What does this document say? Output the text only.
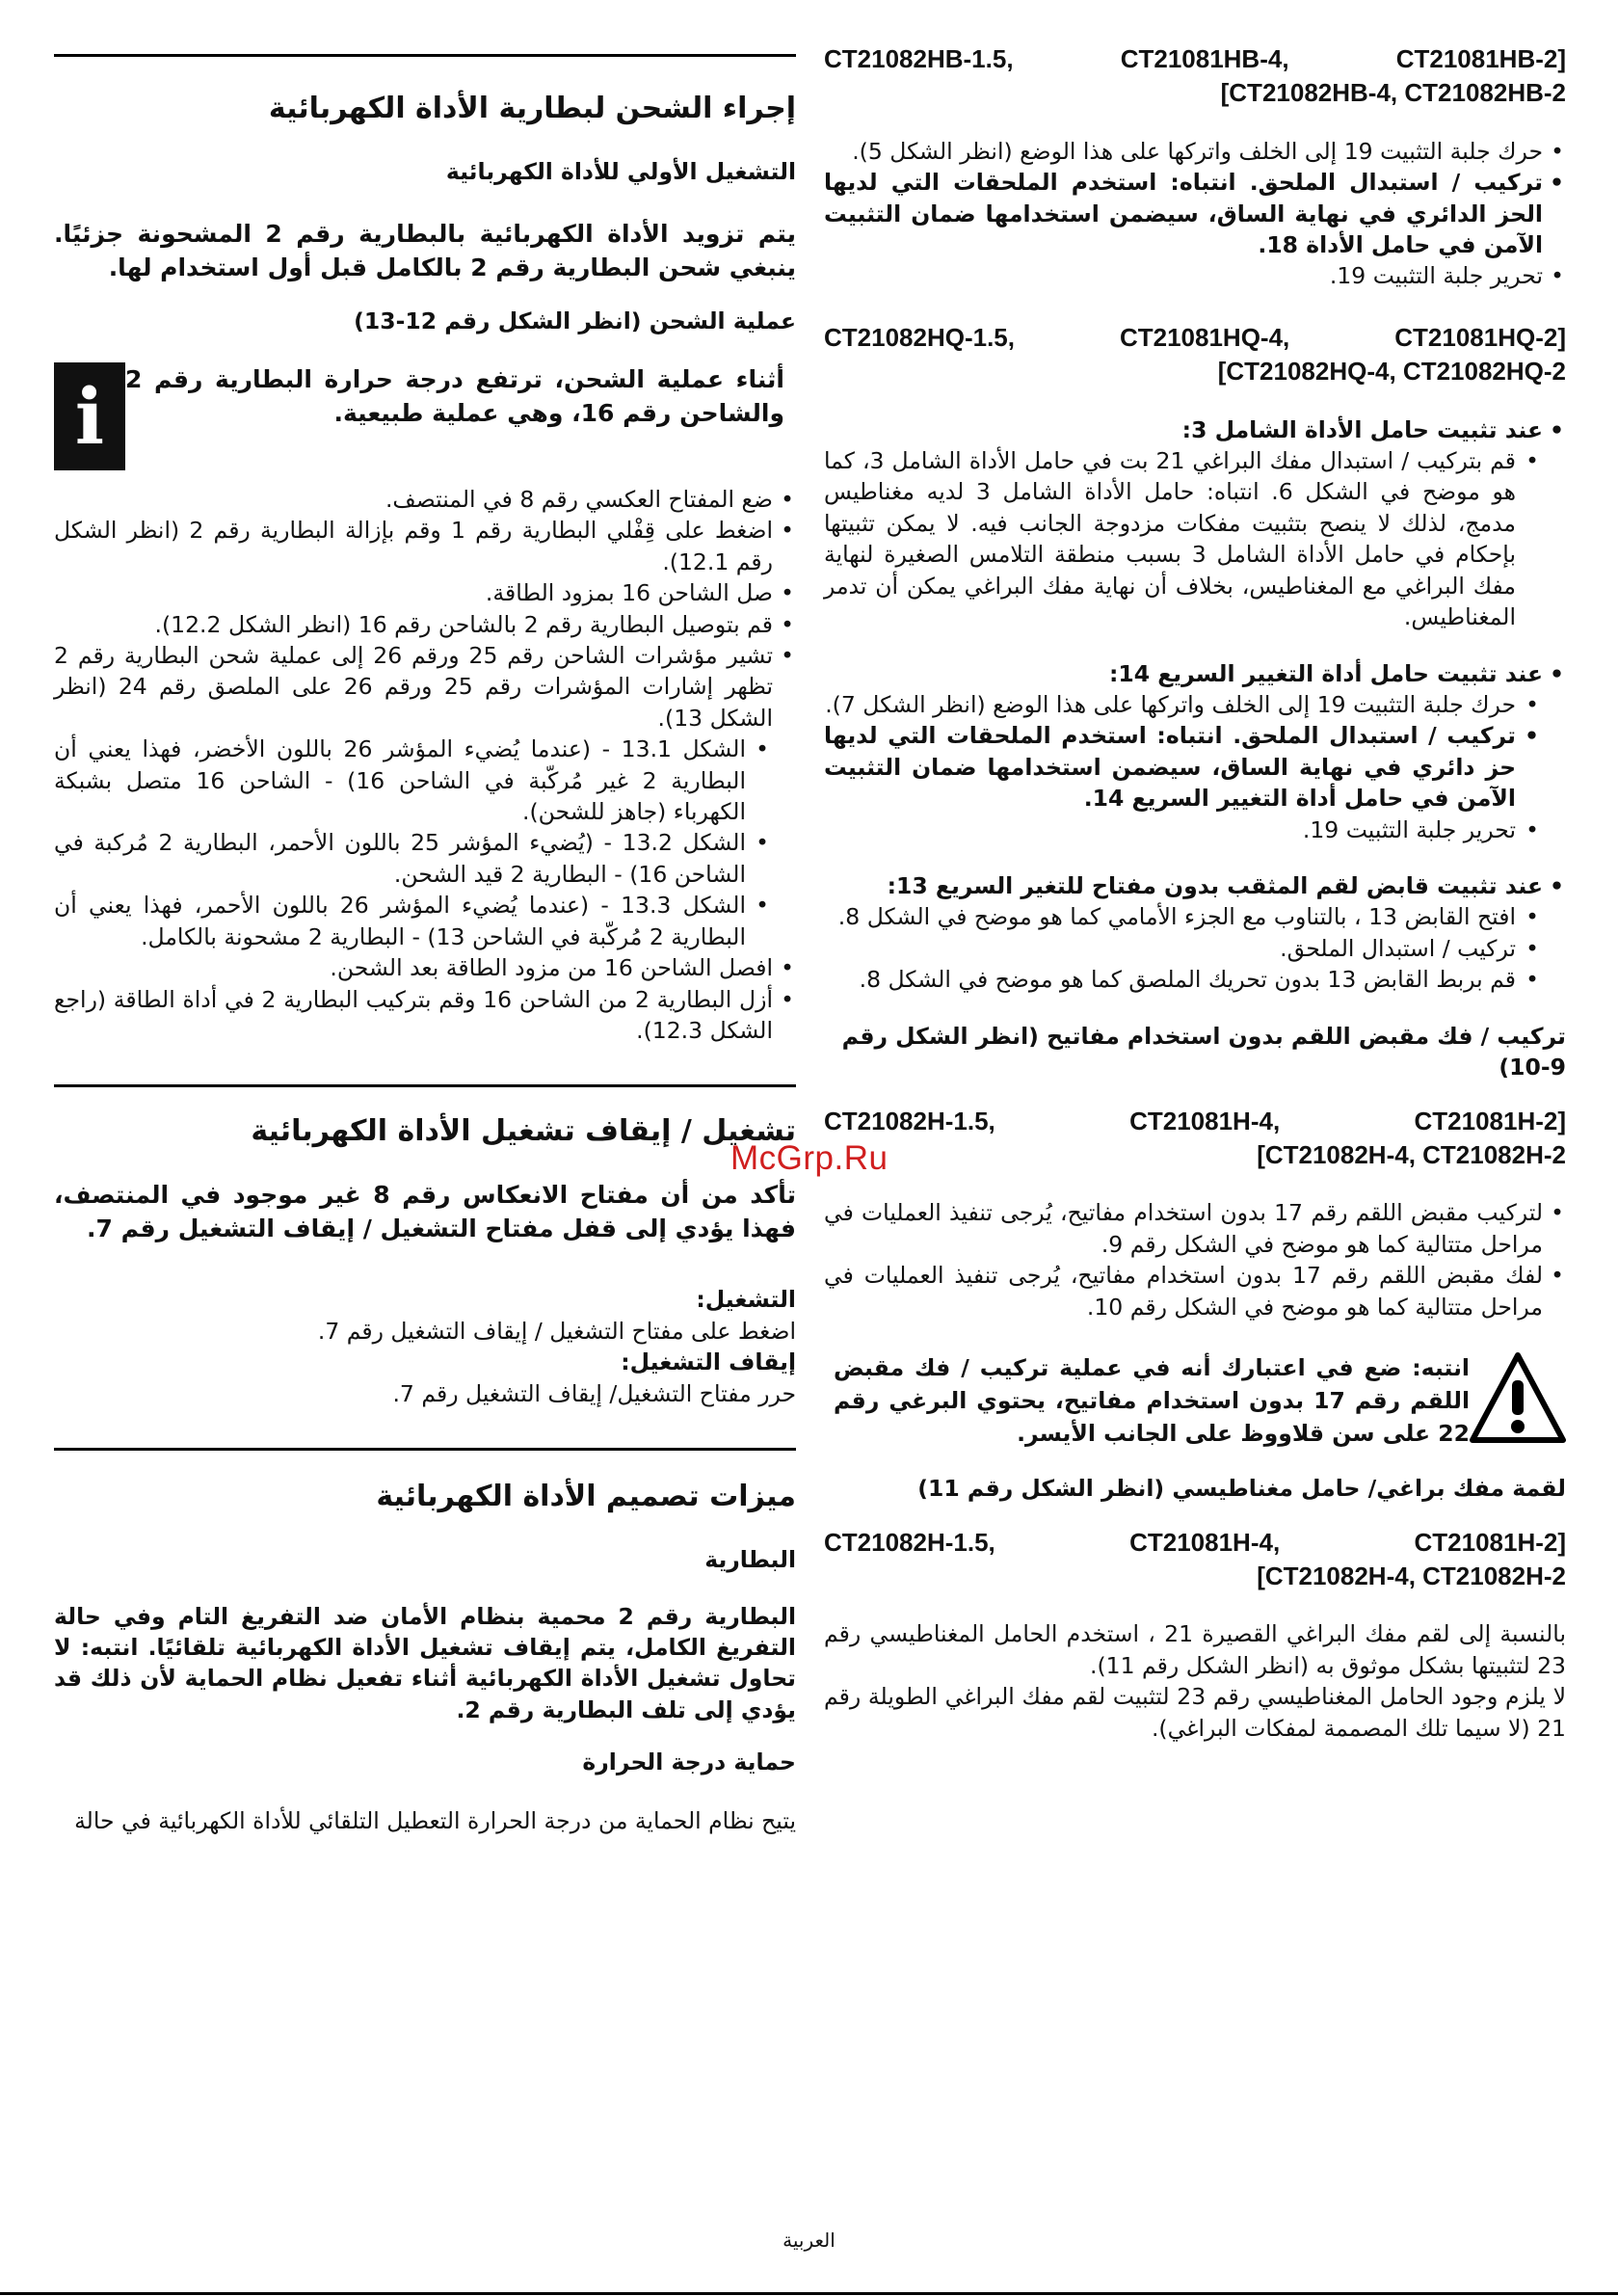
McGrp.Ru
CT21082HB-1.5, CT21081HB-4, CT21081HB-2]
[CT21082HB-4, CT21082HB-2

• حرك جلبة التثبيت 19 إلى الخلف واتركها على هذا الوضع (انظر الشكل 5).

• تركيب / استبدال الملحق. انتباه: استخدم الملحقات التي لديها الحز الدائري في نهاية الساق، سيضمن استخدامها ضمان التثبيت الآمن في حامل الأداة 18.

• تحرير جلبة التثبيت 19.

CT21082HQ-1.5, CT21081HQ-4, CT21081HQ-2]
[CT21082HQ-4, CT21082HQ-2

• عند تثبيت حامل الأداة الشامل 3:

• قم بتركيب / استبدال مفك البراغي 21 بت في حامل الأداة الشامل 3، كما هو موضح في الشكل 6. انتباه: حامل الأداة الشامل 3 لديه مغناطيس مدمج، لذلك لا ينصح بتثبيت مفكات مزدوجة الجانب فيه. لا يمكن تثبيتها بإحكام في حامل الأداة الشامل 3 بسبب منطقة التلامس الصغيرة لنهاية مفك البراغي مع المغناطيس، بخلاف أن نهاية مفك البراغي يمكن أن تدمر المغناطيس.

• عند تثبيت حامل أداة التغيير السريع 14:

• حرك جلبة التثبيت 19 إلى الخلف واتركها على هذا الوضع (انظر الشكل 7).

• تركيب / استبدال الملحق. انتباه: استخدم الملحقات التي لديها حز دائري في نهاية الساق، سيضمن استخدامها ضمان التثبيت الآمن في حامل أداة التغيير السريع 14.

• تحرير جلبة التثبيت 19.

• عند تثبيت قابض لقم المثقب بدون مفتاح للتغير السريع 13:

• افتح القابض 13 ، بالتناوب مع الجزء الأمامي كما هو موضح في الشكل 8.

• تركيب / استبدال الملحق.

• قم بربط القابض 13 بدون تحريك الملصق كما هو موضح في الشكل 8.

تركيب / فك مقبض اللقم بدون استخدام مفاتيح (انظر الشكل رقم 9-10)

CT21082H-1.5, CT21081H-4, CT21081H-2]
[CT21082H-4, CT21082H-2

• لتركيب مقبض اللقم رقم 17 بدون استخدام مفاتيح، يُرجى تنفيذ العمليات في مراحل متتالية كما هو موضح في الشكل رقم 9.

• لفك مقبض اللقم رقم 17 بدون استخدام مفاتيح، يُرجى تنفيذ العمليات في مراحل متتالية كما هو موضح في الشكل رقم 10.

انتبه: ضع في اعتبارك أنه في عملية تركيب / فك مقبض اللقم رقم 17 بدون استخدام مفاتيح، يحتوي البرغي رقم 22 على سن قلاووظ على الجانب الأيسر.

لقمة مفك براغي/ حامل مغناطيسي (انظر الشكل رقم 11)

CT21082H-1.5, CT21081H-4, CT21081H-2]
[CT21082H-4, CT21082H-2

بالنسبة إلى لقم مفك البراغي القصيرة 21 ، استخدم الحامل المغناطيسي رقم 23 لتثبيتها بشكل موثوق به (انظر الشكل رقم 11).

لا يلزم وجود الحامل المغناطيسي رقم 23 لتثبيت لقم مفك البراغي الطويلة رقم 21 (لا سيما تلك المصممة لمفكات البراغي).

إجراء الشحن لبطارية الأداة الكهربائية

التشغيل الأولي للأداة الكهربائية

يتم تزويد الأداة الكهربائية بالبطارية رقم 2 المشحونة جزئيًا. ينبغي شحن البطارية رقم 2 بالكامل قبل أول استخدام لها.

عملية الشحن (انظر الشكل رقم 12-13)

أثناء عملية الشحن، ترتفع درجة حرارة البطارية رقم 2 والشاحن رقم 16، وهي عملية طبيعية.

i

• ضع المفتاح العكسي رقم 8 في المنتصف.

• اضغط على قِفْلي البطارية رقم 1 وقم بإزالة البطارية رقم 2 (انظر الشكل رقم 12.1).

• صل الشاحن 16 بمزود الطاقة.

• قم بتوصيل البطارية رقم 2 بالشاحن رقم 16 (انظر الشكل 12.2).

• تشير مؤشرات الشاحن رقم 25 ورقم 26 إلى عملية شحن البطارية رقم 2 تظهر إشارات المؤشرات رقم 25 ورقم 26 على الملصق رقم 24 (انظر الشكل 13).

• الشكل 13.1 - (عندما يُضيء المؤشر 26 باللون الأخضر، فهذا يعني أن البطارية 2 غير مُركّبة في الشاحن 16) - الشاحن 16 متصل بشبكة الكهرباء (جاهز للشحن).

• الشكل 13.2 - (يُضيء المؤشر 25 باللون الأحمر، البطارية 2 مُركبة في الشاحن 16) - البطارية 2 قيد الشحن.

• الشكل 13.3 - (عندما يُضيء المؤشر 26 باللون الأحمر، فهذا يعني أن البطارية 2 مُركّبة في الشاحن 13) - البطارية 2 مشحونة بالكامل.

• افصل الشاحن 16 من مزود الطاقة بعد الشحن.

• أزل البطارية 2 من الشاحن 16 وقم بتركيب البطارية 2 في أداة الطاقة (راجع الشكل 12.3).

تشغيل / إيقاف تشغيل الأداة الكهربائية

تأكد من أن مفتاح الانعكاس رقم 8 غير موجود في المنتصف، فهذا يؤدي إلى قفل مفتاح التشغيل / إيقاف التشغيل رقم 7.

التشغيل:

اضغط على مفتاح التشغيل / إيقاف التشغيل رقم 7.

إيقاف التشغيل:

حرر مفتاح التشغيل/ إيقاف التشغيل رقم 7.

ميزات تصميم الأداة الكهربائية

البطارية

البطارية رقم 2 محمية بنظام الأمان ضد التفريغ التام وفي حالة التفريغ الكامل، يتم إيقاف تشغيل الأداة الكهربائية تلقائيًا. انتبه: لا تحاول تشغيل الأداة الكهربائية أثناء تفعيل نظام الحماية لأن ذلك قد يؤدي إلى تلف البطارية رقم 2.

حماية درجة الحرارة

يتيح نظام الحماية من درجة الحرارة التعطيل التلقائي للأداة الكهربائية في حالة

العربية
